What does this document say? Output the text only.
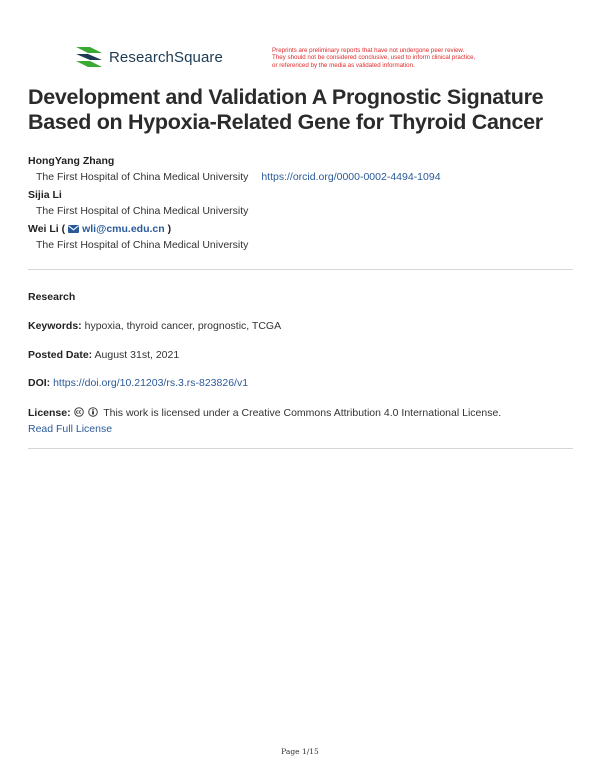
ResearchSquare	Preprints are preliminary reports that have not undergone peer review.
They should not be considered conclusive, used to inform clinical practice,
or referenced by the media as validated information.
Development and Validation A Prognostic Signature Based on Hypoxia-Related Gene for Thyroid Cancer
HongYang Zhang
The First Hospital of China Medical University https://orcid.org/0000-0002-4494-1094
Sijia Li
The First Hospital of China Medical University
Wei Li ( wli@cmu.edu.cn )
The First Hospital of China Medical University
Research
Keywords: hypoxia, thyroid cancer, prognostic, TCGA
Posted Date: August 31st, 2021
DOI: https://doi.org/10.21203/rs.3.rs-823826/v1
License:	This work is licensed under a Creative Commons Attribution 4.0 International License.
Read Full License
Page 1/15
